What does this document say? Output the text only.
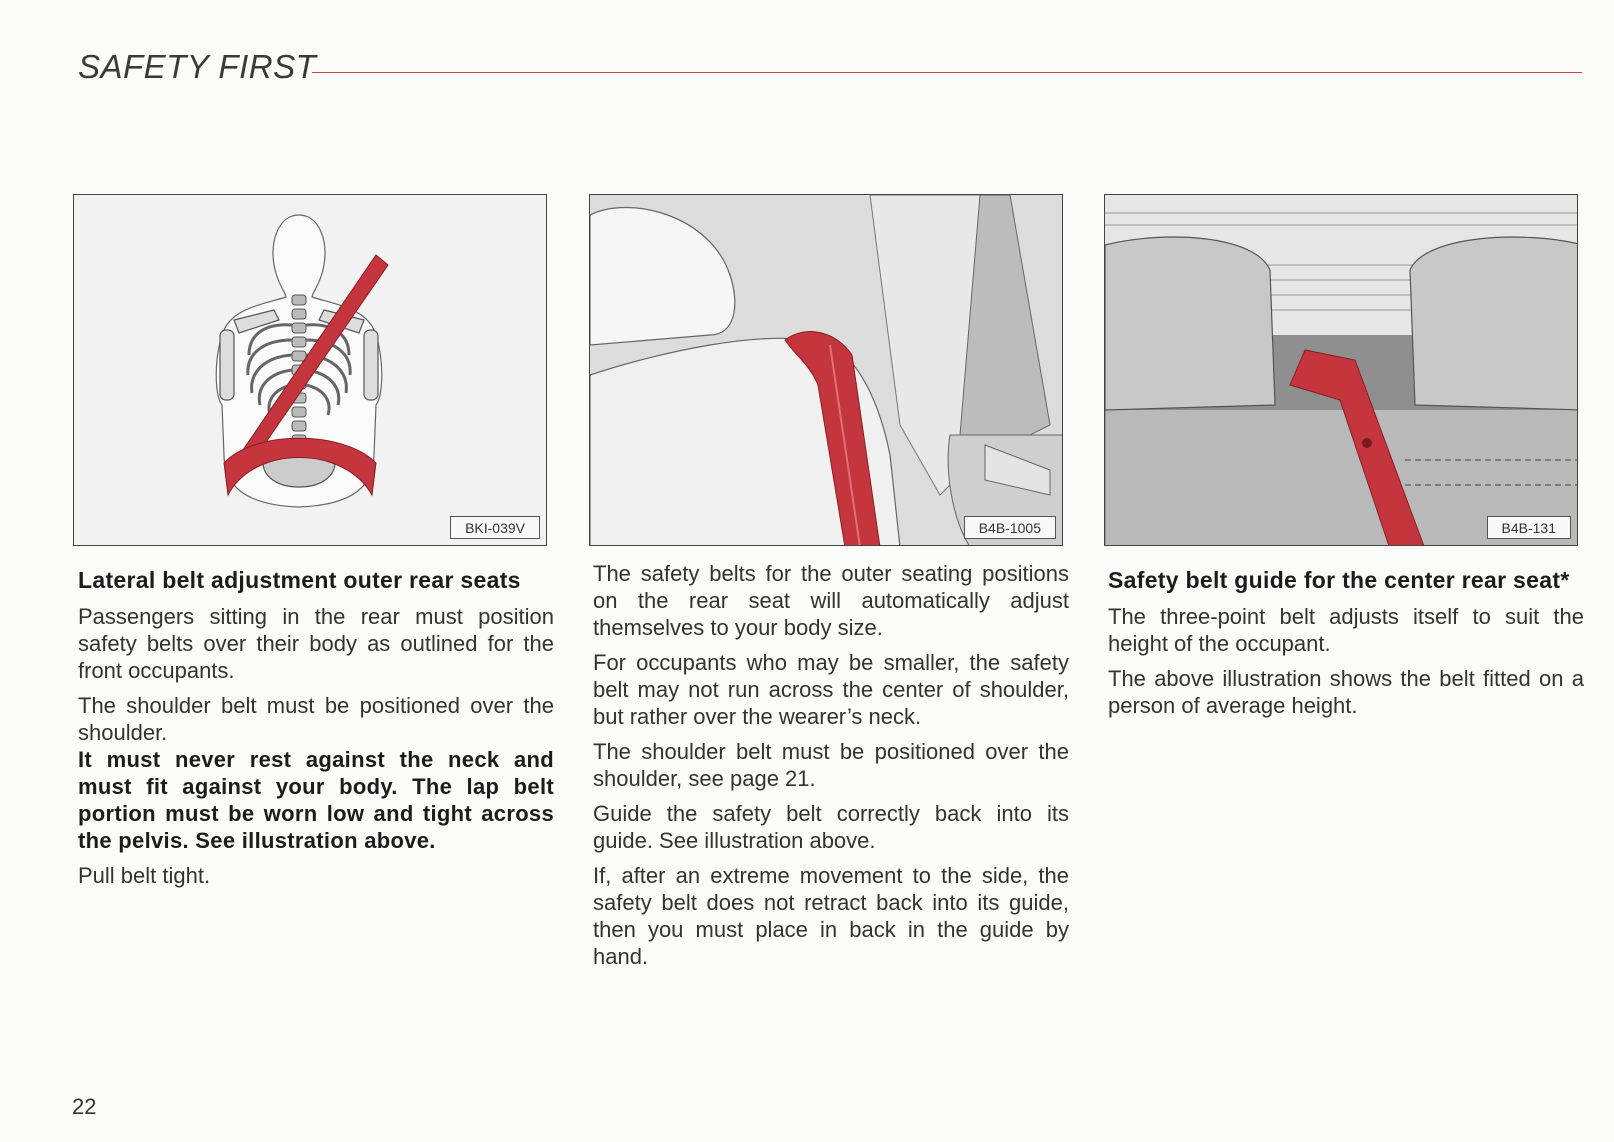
SAFETY FIRST
BKI-039V	B4B-1005	B4B-131
Lateral belt adjustment outer rear seats

Passengers sitting in the rear must position safety belts over their body as outlined for the front occupants.

The shoulder belt must be positioned over the shoulder.

It must never rest against the neck and must fit against your body. The lap belt portion must be worn low and tight across the pelvis. See illustration above.

Pull belt tight.

The safety belts for the outer seating positions on the rear seat will automatically adjust themselves to your body size.

For occupants who may be smaller, the safety belt may not run across the center of shoulder, but rather over the wearer’s neck.

The shoulder belt must be positioned over the shoulder, see page 21.

Guide the safety belt correctly back into its guide. See illustration above.

If, after an extreme movement to the side, the safety belt does not retract back into its guide, then you must place in back in the guide by hand.

Safety belt guide for the center rear seat*

The three-point belt adjusts itself to suit the height of the occupant.

The above illustration shows the belt fitted on a person of average height.

22
